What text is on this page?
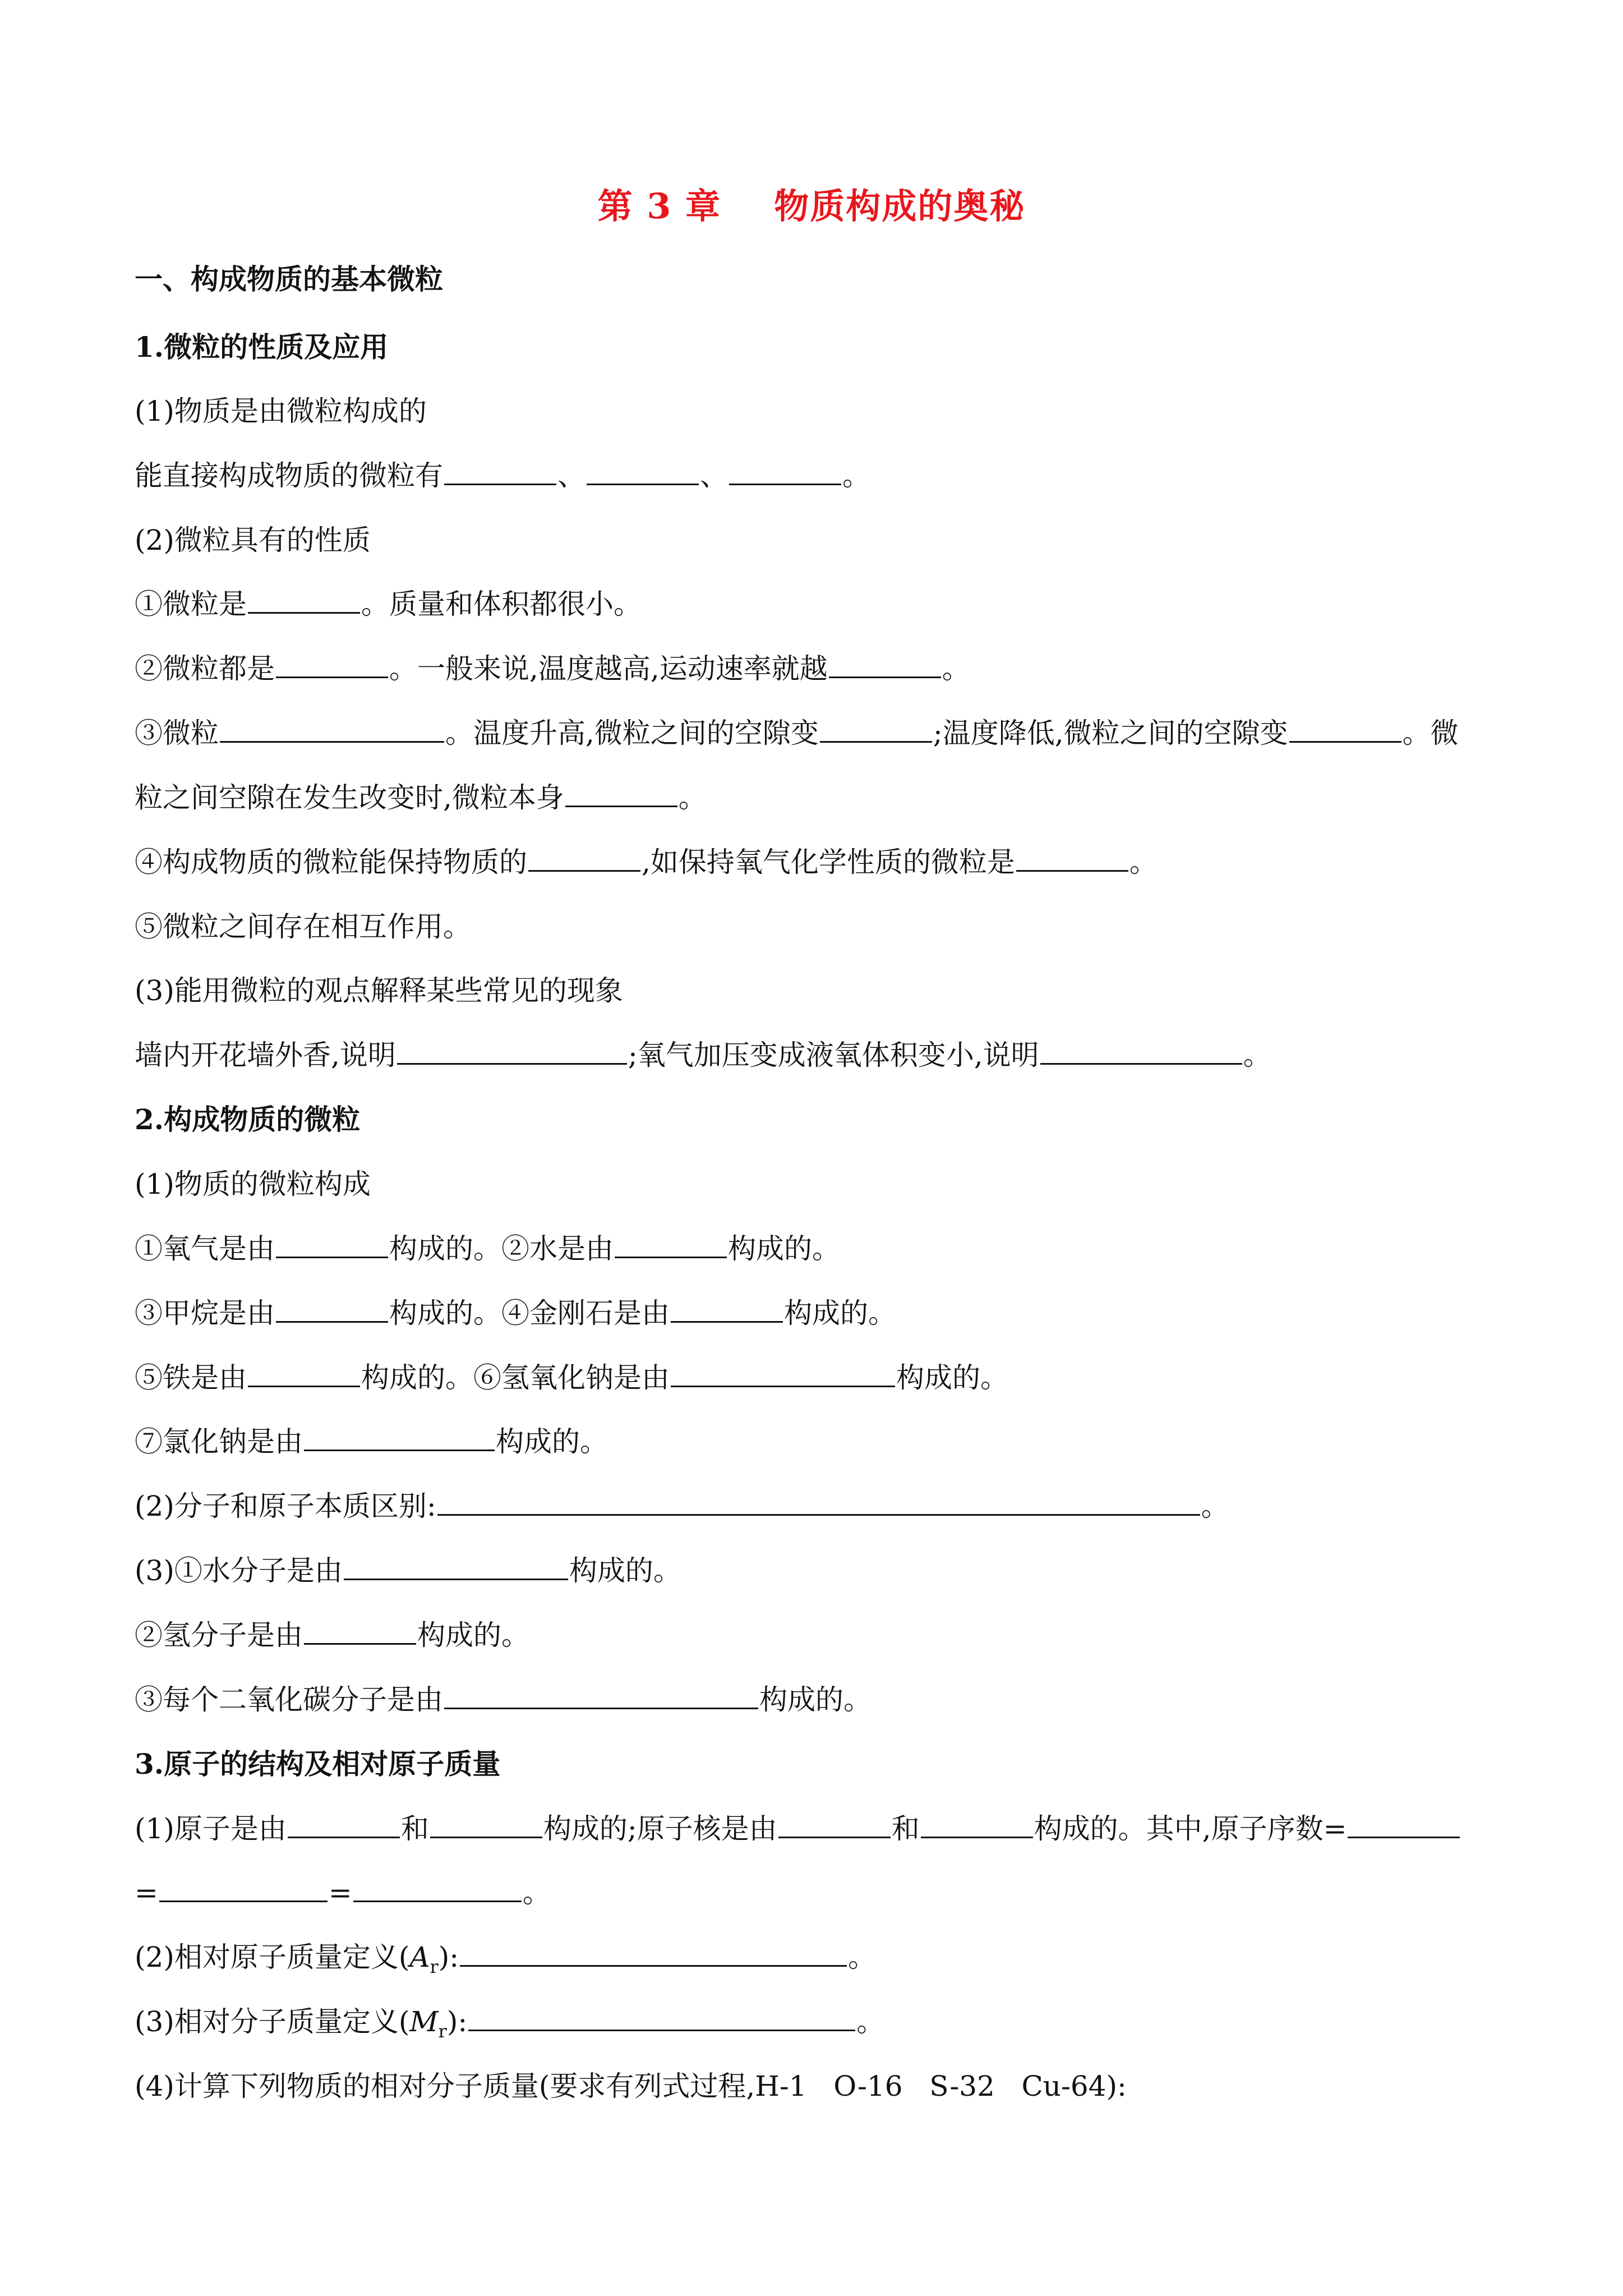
第 3 章    物质构成的奥秘
一、构成物质的基本微粒
1.微粒的性质及应用
(1)物质是由微粒构成的
能直接构成物质的微粒有	、	、	。
(2)微粒具有的性质
①微粒是	。质量和体积都很小。
②微粒都是	。一般来说,温度越高,运动速率就越	。
③微粒	。温度升高,微粒之间的空隙变	;温度降低,微粒之间的空隙变	。微
粒之间空隙在发生改变时,微粒本身	。
④构成物质的微粒能保持物质的	,如保持氧气化学性质的微粒是	。
⑤微粒之间存在相互作用。
(3)能用微粒的观点解释某些常见的现象
墙内开花墙外香,说明	;氧气加压变成液氧体积变小,说明	。
2.构成物质的微粒
(1)物质的微粒构成
①氧气是由	构成的。②水是由	构成的。
③甲烷是由	构成的。④金刚石是由	构成的。
⑤铁是由	构成的。⑥氢氧化钠是由	构成的。
⑦氯化钠是由	构成的。
(2)分子和原子本质区别:	。
(3)①水分子是由	构成的。
②氢分子是由	构成的。
③每个二氧化碳分子是由	构成的。
3.原子的结构及相对原子质量
(1)原子是由	和	构成的;原子核是由	和	构成的。其中,原子序数=
=	=	。
(2)相对原子质量定义$(A_r)$:	。
(3)相对分子质量定义$(M_r)$:	。
(4)计算下列物质的相对分子质量(要求有列式过程,H-1   O-16   S-32   Cu-64):
